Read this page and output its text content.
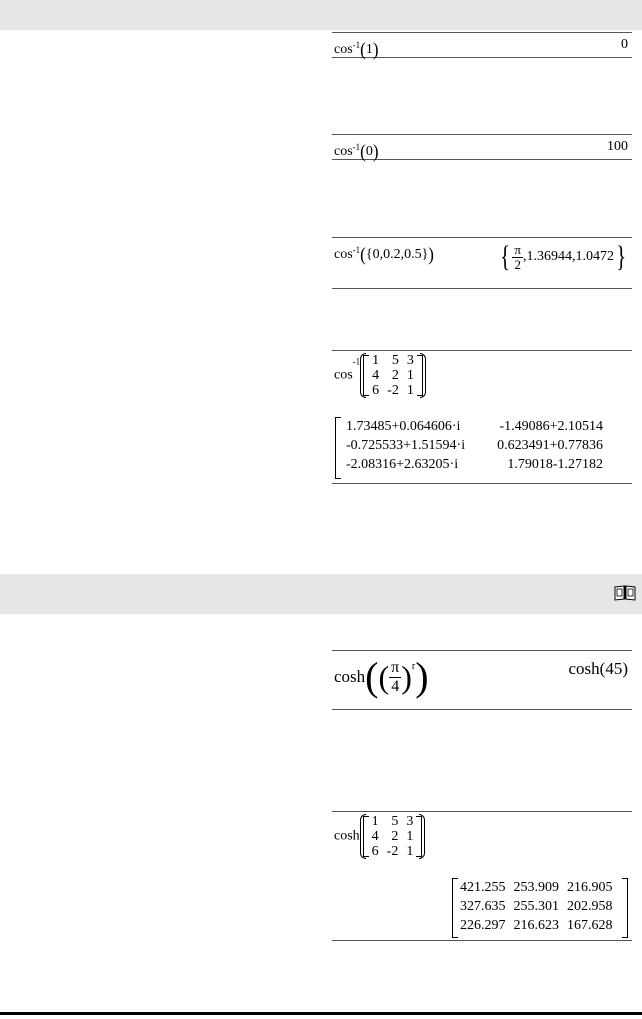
$\cos^{-1}(1)$	0
$\cos^{-1}(0)$	100
$\cos^{-1}(\{0,0.2,0.5\})$ { $\frac{\pi}{2} ,1.36944,1.0472$}
$\cos^{-1} 1$	5	3
4	2	1
6	-2	1
1.73485+0.064606·i	-1.49086+2.10514
-0.725533+1.51594·i	0.623491+0.77836
-2.08316+2.63205·i	1.79018-1.27182
$\cosh(( \frac{\pi}{4} )^r)$	cosh(45)
cosh
1	5	3
4	2	1
6	-2	1
421.255	253.909	216.905
327.635	255.301	202.958
226.297	216.623	167.628
